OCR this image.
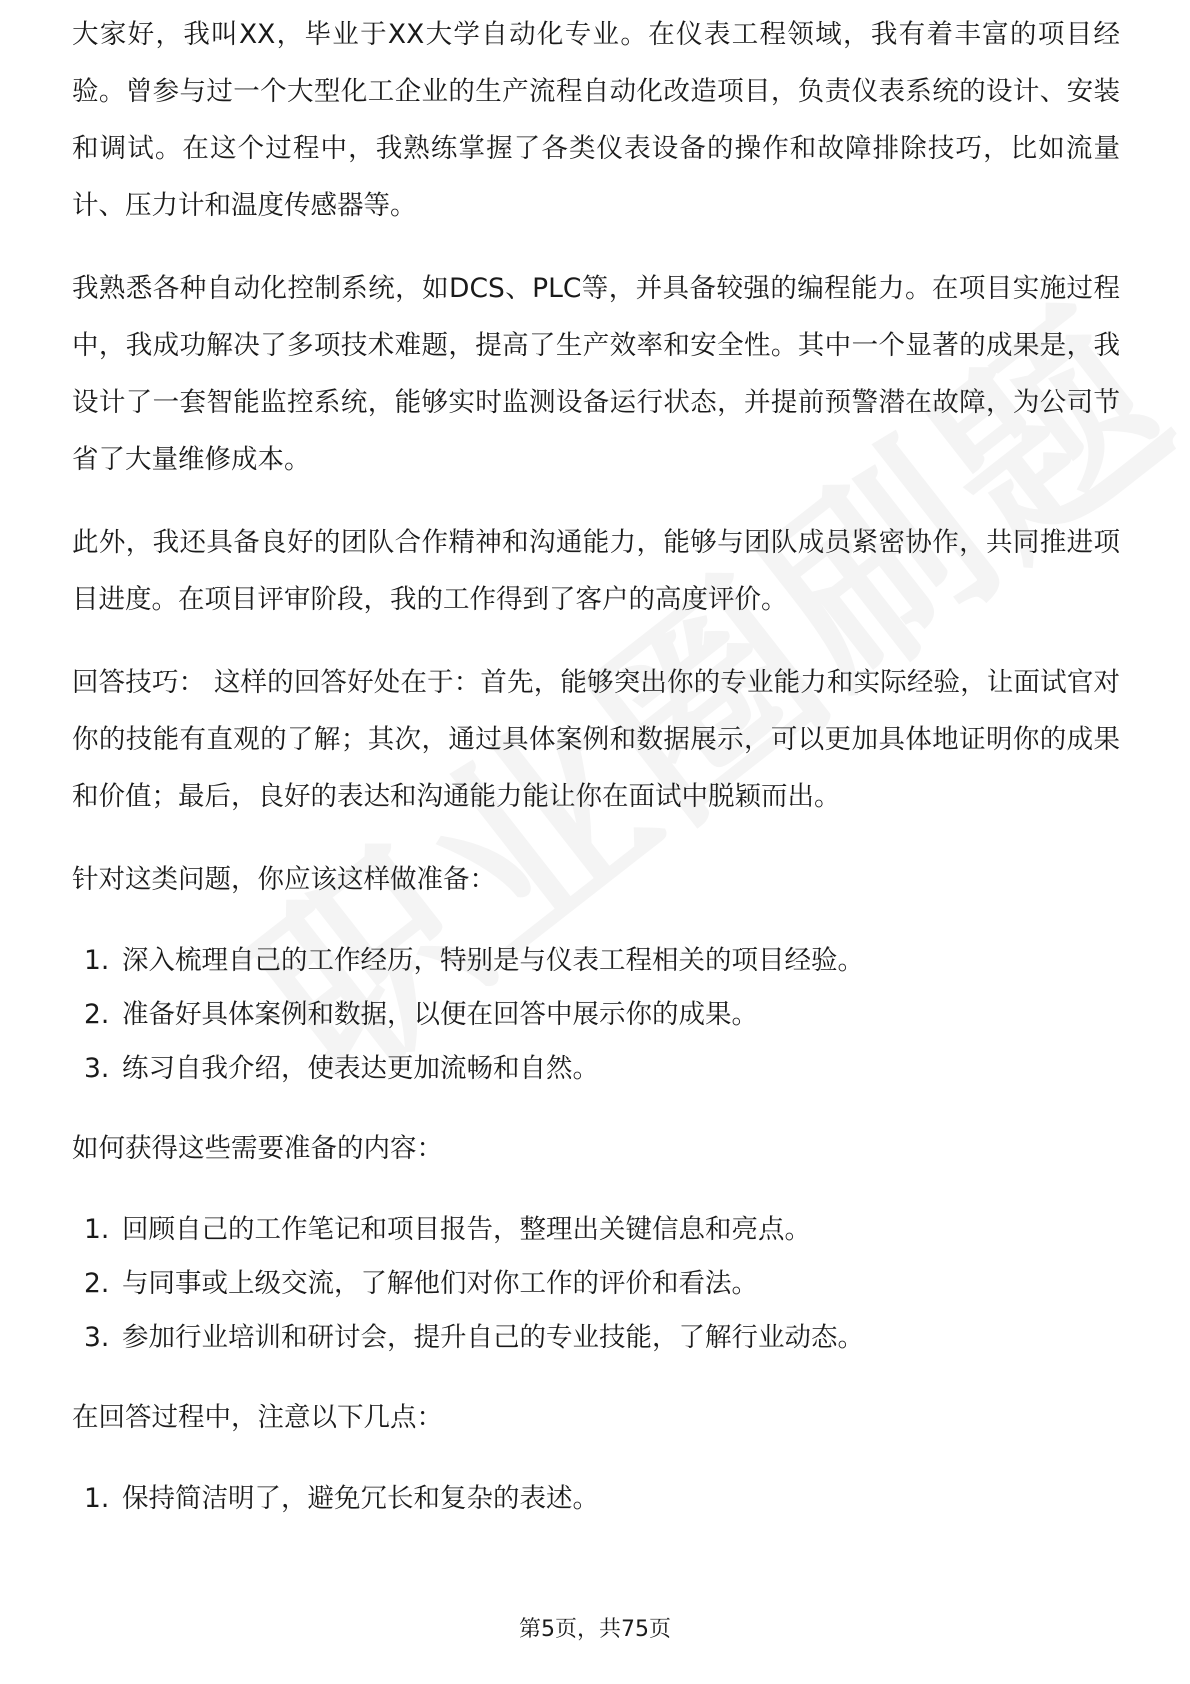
大家好，我叫XX，毕业于XX大学自动化专业。在仪表工程领域，我有着丰富的项目经验。曾参与过一个大型化工企业的生产流程自动化改造项目，负责仪表系统的设计、安装和调试。在这个过程中，我熟练掌握了各类仪表设备的操作和故障排除技巧，比如流量计、压力计和温度传感器等。

我熟悉各种自动化控制系统，如DCS、PLC等，并具备较强的编程能力。在项目实施过程中，我成功解决了多项技术难题，提高了生产效率和安全性。其中一个显著的成果是，我设计了一套智能监控系统，能够实时监测设备运行状态，并提前预警潜在故障，为公司节省了大量维修成本。

此外，我还具备良好的团队合作精神和沟通能力，能够与团队成员紧密协作，共同推进项目进度。在项目评审阶段，我的工作得到了客户的高度评价。

回答技巧： 这样的回答好处在于：首先，能够突出你的专业能力和实际经验，让面试官对你的技能有直观的了解；其次，通过具体案例和数据展示，可以更加具体地证明你的成果和价值；最后，良好的表达和沟通能力能让你在面试中脱颖而出。

针对这类问题，你应该这样做准备：
1. 深入梳理自己的工作经历，特别是与仪表工程相关的项目经验。
2. 准备好具体案例和数据，以便在回答中展示你的成果。
3. 练习自我介绍，使表达更加流畅和自然。
如何获得这些需要准备的内容：
1. 回顾自己的工作笔记和项目报告，整理出关键信息和亮点。
2. 与同事或上级交流，了解他们对你工作的评价和看法。
3. 参加行业培训和研讨会，提升自己的专业技能，了解行业动态。
在回答过程中，注意以下几点：
1. 保持简洁明了，避免冗长和复杂的表述。
第5页，共75页
